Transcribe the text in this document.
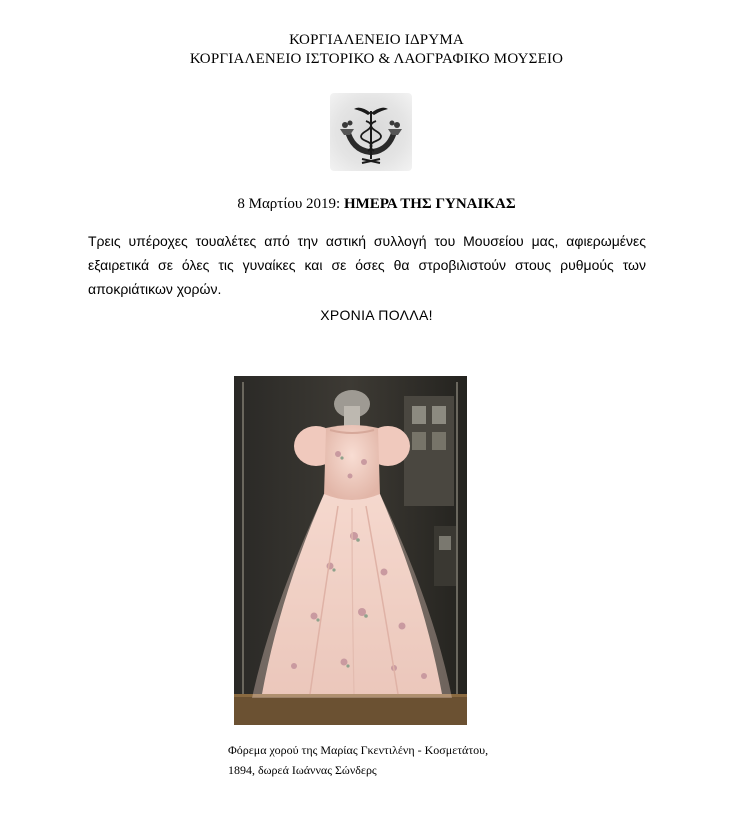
ΚΟΡΓΙΑΛΕΝΕΙΟ ΙΔΡΥΜΑ
ΚΟΡΓΙΑΛΕΝΕΙΟ ΙΣΤΟΡΙΚΟ & ΛΑΟΓΡΑΦΙΚΟ ΜΟΥΣΕΙΟ
8 Μαρτίου 2019: ΗΜΕΡΑ ΤΗΣ ΓΥΝΑΙΚΑΣ
Τρεις υπέροχες τουαλέτες από την αστική συλλογή του Μουσείου μας, αφιερωμένες εξαιρετικά σε όλες τις γυναίκες και σε όσες θα στροβιλιστούν στους ρυθμούς των αποκριάτικων χορών.
ΧΡΟΝΙΑ ΠΟΛΛΑ!
Φόρεμα χορού της Μαρίας Γκεντιλένη - Κοσμετάτου,
1894, δωρεά Ιωάννας Σώνδερς
